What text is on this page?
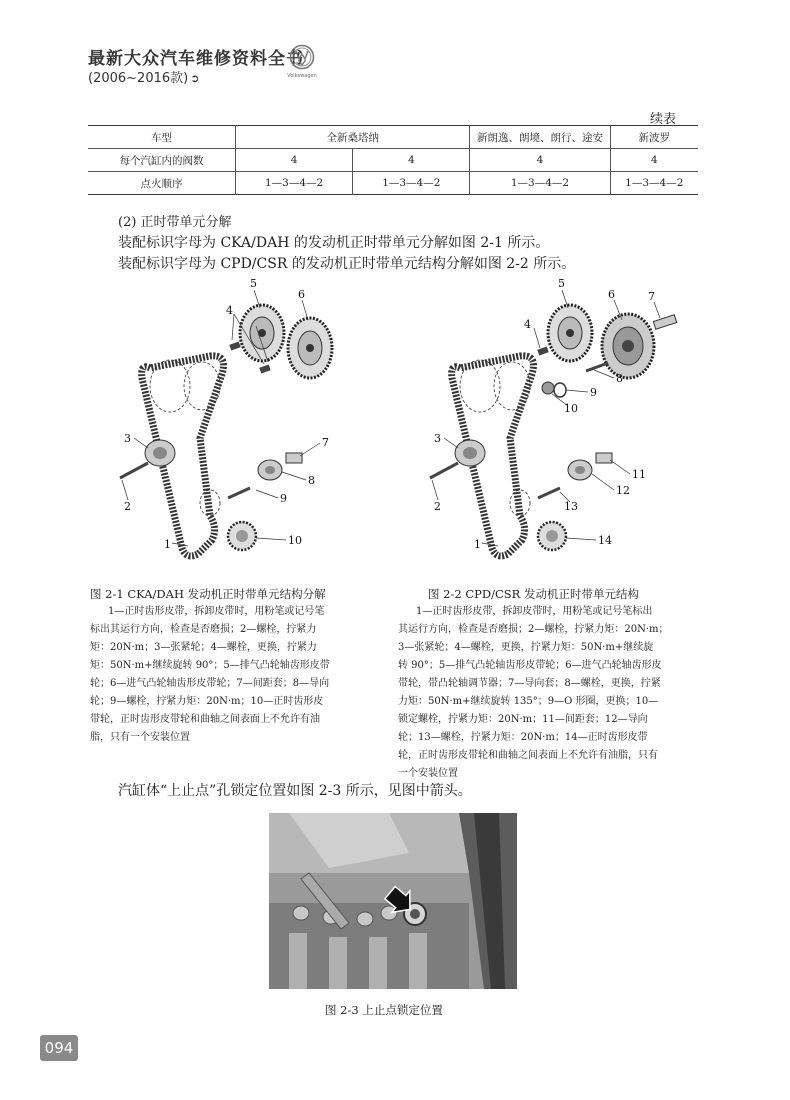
最新大众汽车维修资料全书
(2006~2016款) ➲	Volkswagen
续表
车型	全新桑塔纳		新朗逸、朗境、朗行、途安	新波罗
每个汽缸内的阀数	4	4	4	4
点火顺序	1—3—4—2	1—3—4—2	1—3—4—2	1—3—4—2
(2) 正时带单元分解
装配标识字母为 CKA/DAH 的发动机正时带单元分解如图 2-1 所示。
装配标识字母为 CPD/CSR 的发动机正时带单元结构分解如图 2-2 所示。
5
6
4
7
8
9
10
1
3
2
5
6	7
4
8
9
10
11
12
13
14
1
3
2
图 2-1 CKA/DAH 发动机正时带单元结构分解
1—正时齿形皮带，拆卸皮带时，用粉笔或记号笔
标出其运行方向，检查是否磨损；2—螺栓，拧紧力
矩：20N·m；3—张紧轮；4—螺栓，更换，拧紧力
矩：50N·m+继续旋转 90°；5—排气凸轮轴齿形皮带
轮；6—进气凸轮轴齿形皮带轮；7—间距套；8—导向
轮；9—螺栓，拧紧力矩：20N·m；10—正时齿形皮
带轮，正时齿形皮带轮和曲轴之间表面上不允许有油
脂，只有一个安装位置
图 2-2 CPD/CSR 发动机正时带单元结构
1—正时齿形皮带，拆卸皮带时，用粉笔或记号笔标出
其运行方向，检查是否磨损；2—螺栓，拧紧力矩：20N·m；
3—张紧轮；4—螺栓，更换，拧紧力矩：50N·m+继续旋
转 90°；5—排气凸轮轴齿形皮带轮；6—进气凸轮轴齿形皮
带轮，带凸轮轴调节器；7—导向套；8—螺栓，更换，拧紧
力矩：50N·m+继续旋转 135°；9—O 形圈，更换；10—
锁定螺栓，拧紧力矩：20N·m；11—间距套；12—导向
轮；13—螺栓，拧紧力矩：20N·m；14—正时齿形皮带
轮，正时齿形皮带轮和曲轴之间表面上不允许有油脂，只有
一个安装位置
汽缸体“上止点”孔锁定位置如图 2-3 所示，见图中箭头。
图 2-3 上止点锁定位置
094
